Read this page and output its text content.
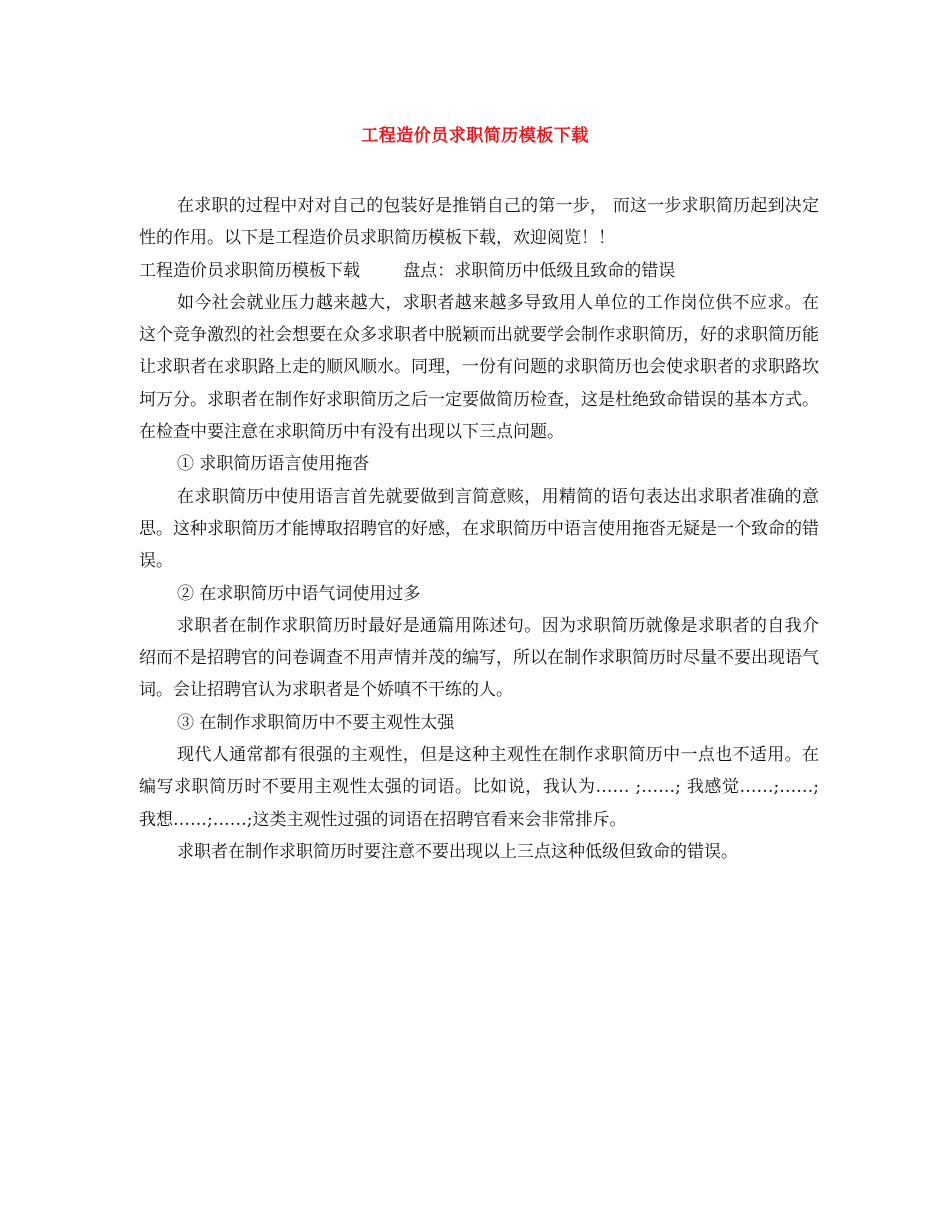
工程造价员求职简历模板下载

在求职的过程中对对自己的包装好是推销自己的第一步， 而这一步求职简历起到决定性的作用。以下是工程造价员求职简历模板下载，欢迎阅览！！

工程造价员求职简历模板下载        盘点：求职简历中低级且致命的错误

如今社会就业压力越来越大，求职者越来越多导致用人单位的工作岗位供不应求。在这个竞争激烈的社会想要在众多求职者中脱颖而出就要学会制作求职简历，好的求职简历能让求职者在求职路上走的顺风顺水。同理，一份有问题的求职简历也会使求职者的求职路坎坷万分。求职者在制作好求职简历之后一定要做简历检查，这是杜绝致命错误的基本方式。在检查中要注意在求职简历中有没有出现以下三点问题。

① 求职简历语言使用拖沓

在求职简历中使用语言首先就要做到言简意赅，用精简的语句表达出求职者准确的意思。这种求职简历才能博取招聘官的好感，在求职简历中语言使用拖沓无疑是一个致命的错误。

② 在求职简历中语气词使用过多

求职者在制作求职简历时最好是通篇用陈述句。因为求职简历就像是求职者的自我介绍而不是招聘官的问卷调查不用声情并茂的编写，所以在制作求职简历时尽量不要出现语气词。会让招聘官认为求职者是个娇嗔不干练的人。

③ 在制作求职简历中不要主观性太强

现代人通常都有很强的主观性，但是这种主观性在制作求职简历中一点也不适用。在编写求职简历时不要用主观性太强的词语。比如说，我认为…… ;……; 我感觉……;……; 我想……;……;这类主观性过强的词语在招聘官看来会非常排斥。

求职者在制作求职简历时要注意不要出现以上三点这种低级但致命的错误。
